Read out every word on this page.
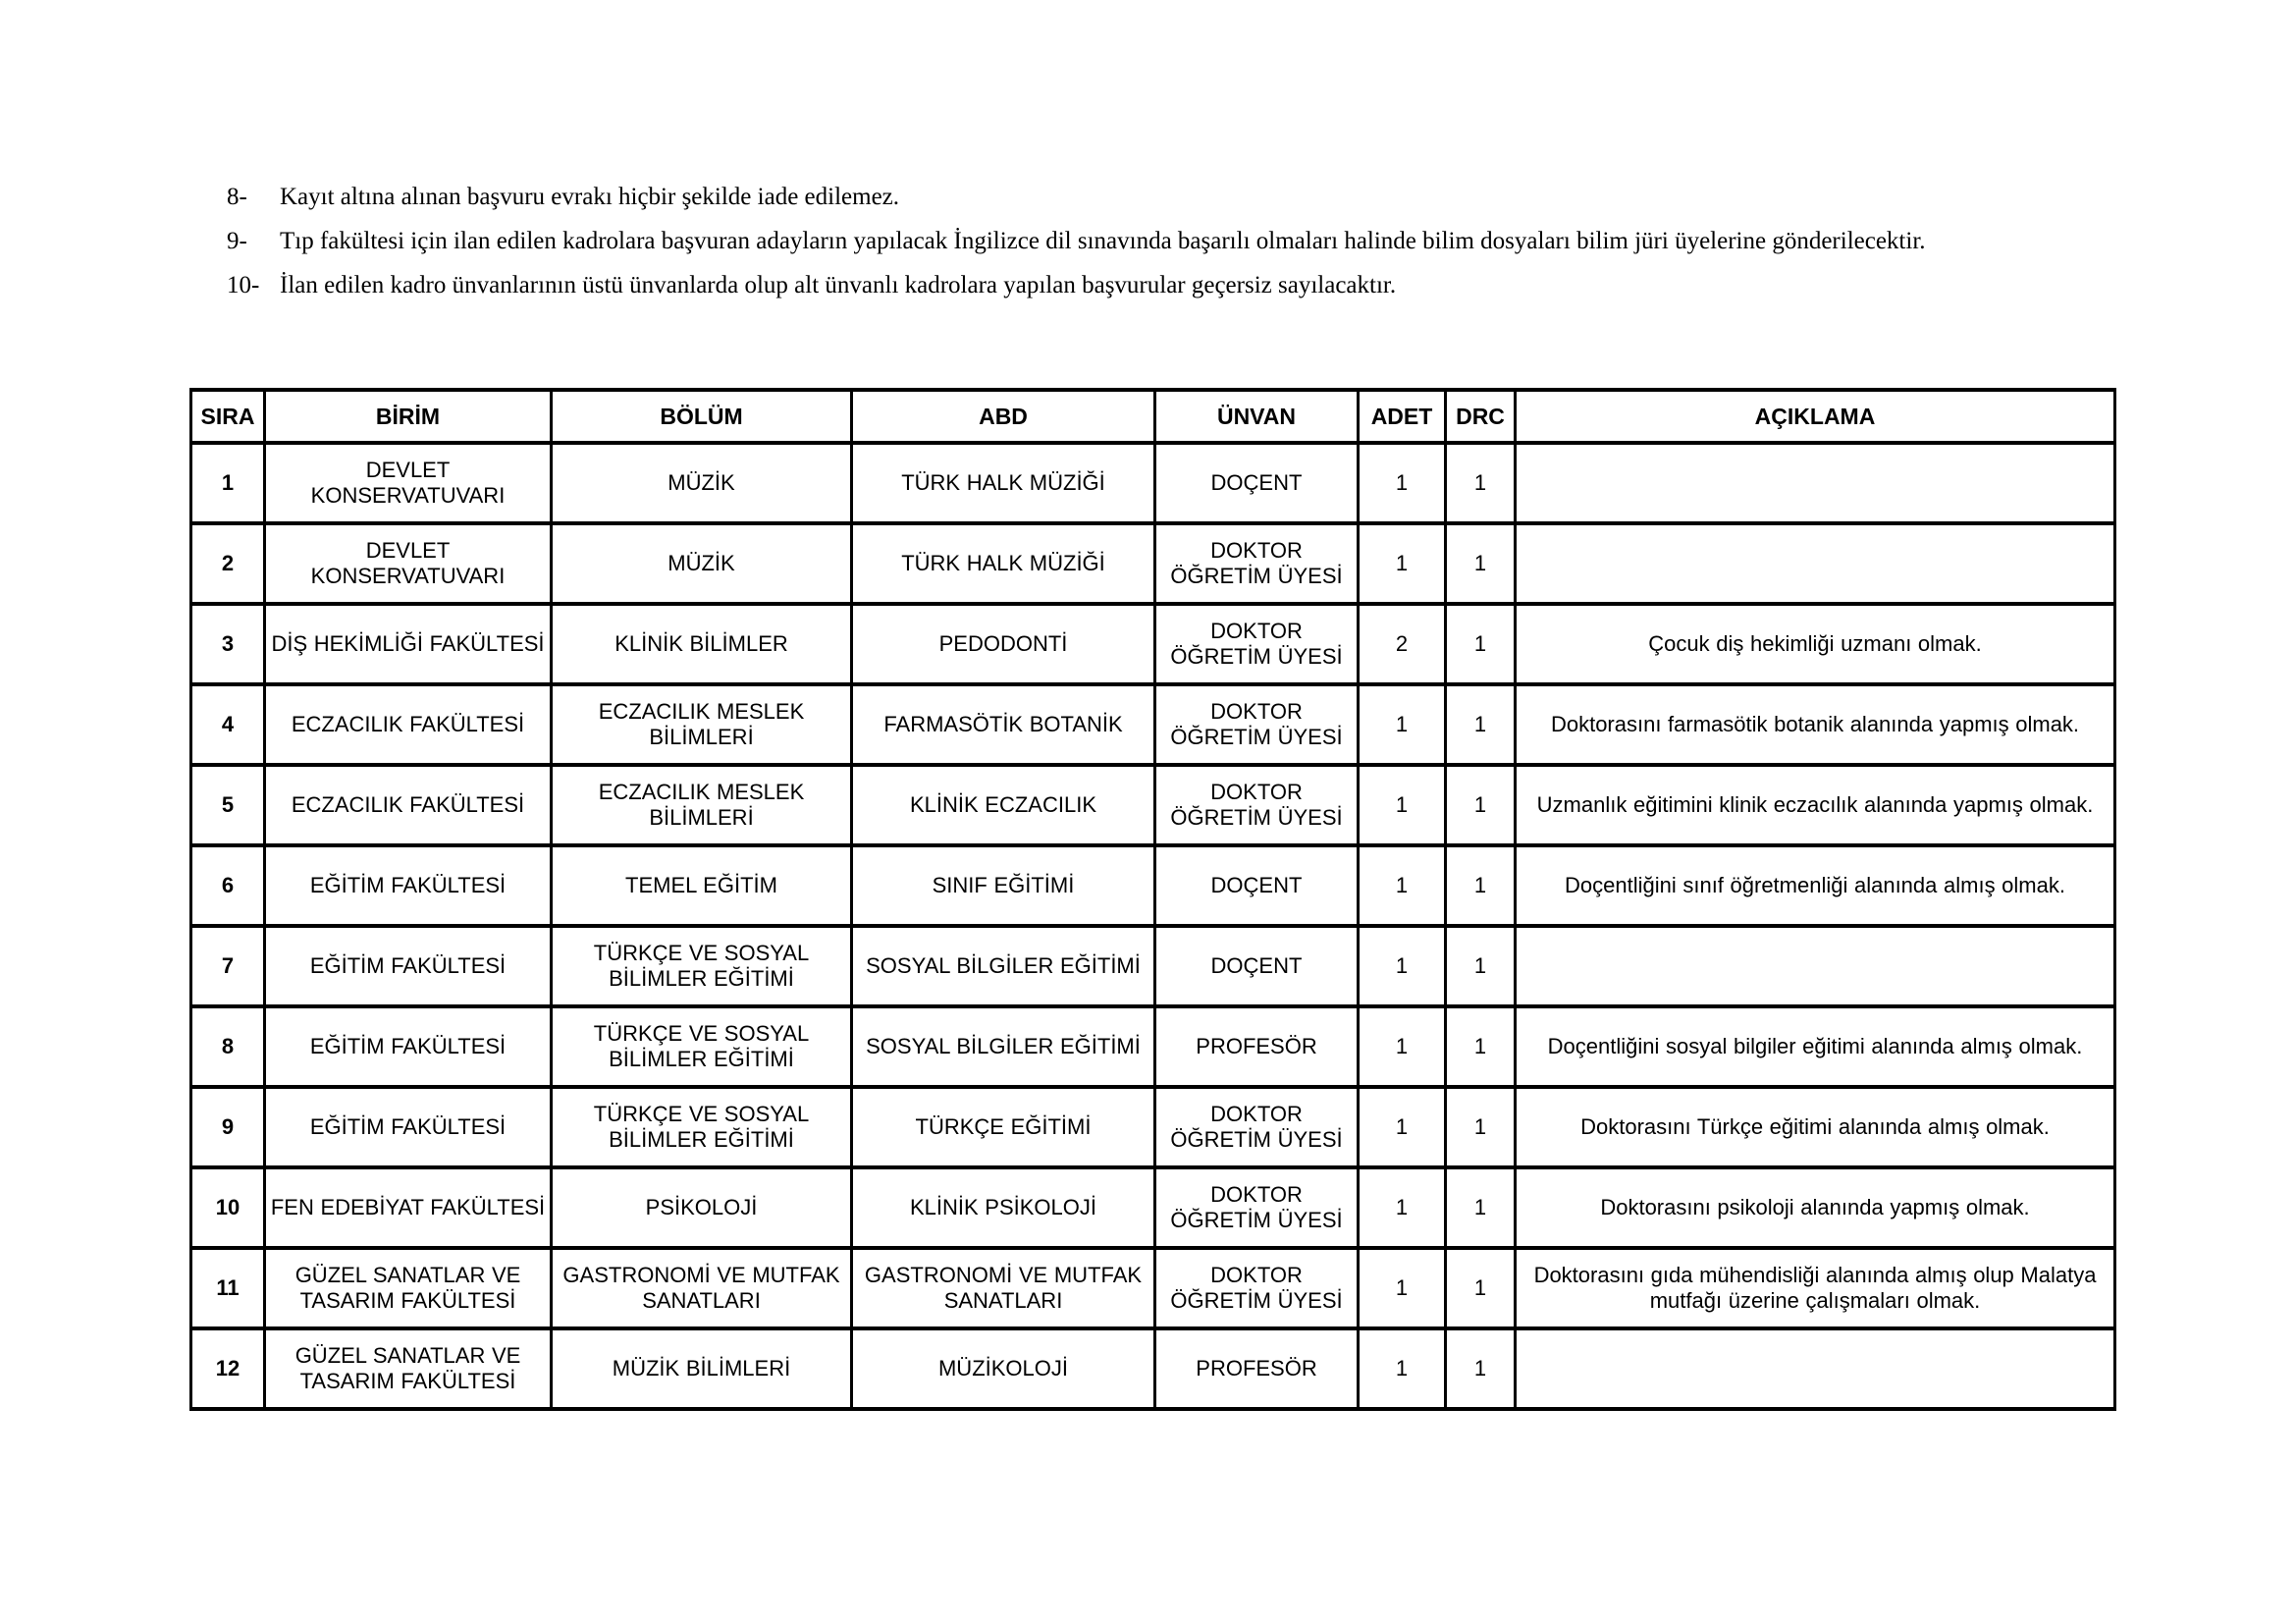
8-	Kayıt altına alınan başvuru evrakı hiçbir şekilde iade edilemez.
9-	Tıp fakültesi için ilan edilen kadrolara başvuran adayların yapılacak İngilizce dil sınavında başarılı olmaları halinde bilim dosyaları bilim jüri üyelerine gönderilecektir.
10- İlan edilen kadro ünvanlarının üstü ünvanlarda olup alt ünvanlı kadrolara yapılan başvurular geçersiz sayılacaktır.
SIRA	BİRİM	BÖLÜM	ABD	ÜNVAN	ADET	DRC	AÇIKLAMA
1	DEVLET KONSERVATUVARI	MÜZİK	TÜRK HALK MÜZİĞİ	DOÇENT	1	1	
2	DEVLET KONSERVATUVARI	MÜZİK	TÜRK HALK MÜZİĞİ	DOKTOR ÖĞRETİM ÜYESİ	1	1	
3	DİŞ HEKİMLİĞİ FAKÜLTESİ	KLİNİK BİLİMLER	PEDODONTİ	DOKTOR ÖĞRETİM ÜYESİ	2	1	Çocuk diş hekimliği uzmanı olmak.
4	ECZACILIK FAKÜLTESİ	ECZACILIK MESLEK BİLİMLERİ	FARMASÖTİK BOTANİK	DOKTOR ÖĞRETİM ÜYESİ	1	1	Doktorasını farmasötik botanik alanında yapmış olmak.
5	ECZACILIK FAKÜLTESİ	ECZACILIK MESLEK BİLİMLERİ	KLİNİK ECZACILIK	DOKTOR ÖĞRETİM ÜYESİ	1	1	Uzmanlık eğitimini klinik eczacılık alanında yapmış olmak.
6	EĞİTİM FAKÜLTESİ	TEMEL EĞİTİM	SINIF EĞİTİMİ	DOÇENT	1	1	Doçentliğini sınıf öğretmenliği alanında almış olmak.
7	EĞİTİM FAKÜLTESİ	TÜRKÇE VE SOSYAL BİLİMLER EĞİTİMİ	SOSYAL BİLGİLER EĞİTİMİ	DOÇENT	1	1	
8	EĞİTİM FAKÜLTESİ	TÜRKÇE VE SOSYAL BİLİMLER EĞİTİMİ	SOSYAL BİLGİLER EĞİTİMİ	PROFESÖR	1	1	Doçentliğini sosyal bilgiler eğitimi alanında almış olmak.
9	EĞİTİM FAKÜLTESİ	TÜRKÇE VE SOSYAL BİLİMLER EĞİTİMİ	TÜRKÇE EĞİTİMİ	DOKTOR ÖĞRETİM ÜYESİ	1	1	Doktorasını Türkçe eğitimi alanında almış olmak.
10	FEN EDEBİYAT FAKÜLTESİ	PSİKOLOJİ	KLİNİK PSİKOLOJİ	DOKTOR ÖĞRETİM ÜYESİ	1	1	Doktorasını psikoloji alanında yapmış olmak.
11	GÜZEL SANATLAR VE TASARIM FAKÜLTESİ	GASTRONOMİ VE MUTFAK SANATLARI	GASTRONOMİ VE MUTFAK SANATLARI	DOKTOR ÖĞRETİM ÜYESİ	1	1	Doktorasını gıda mühendisliği alanında almış olup Malatya mutfağı üzerine çalışmaları olmak.
12	GÜZEL SANATLAR VE TASARIM FAKÜLTESİ	MÜZİK BİLİMLERİ	MÜZİKOLOJİ	PROFESÖR	1	1	
